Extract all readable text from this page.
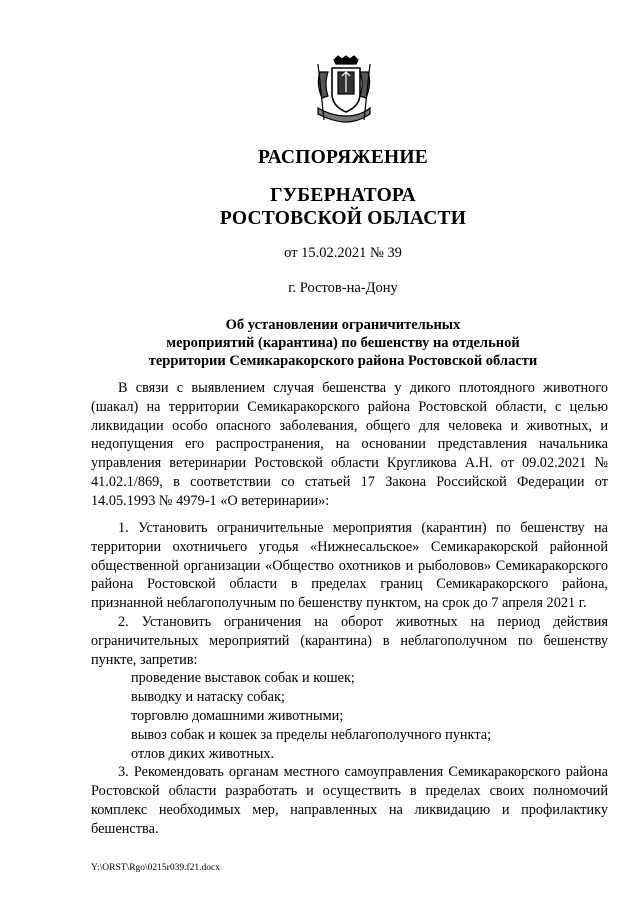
РАСПОРЯЖЕНИЕ
ГУБЕРНАТОРА
РОСТОВСКОЙ ОБЛАСТИ
от 15.02.2021 № 39
г. Ростов-на-Дону
Об установлении ограничительных
мероприятий (карантина) по бешенству на отдельной
территории Семикаракорского района Ростовской области

В связи с выявлением случая бешенства у дикого плотоядного животного (шакал) на территории Семикаракорского района Ростовской области, с целью ликвидации особо опасного заболевания, общего для человека и животных, и недопущения его распространения, на основании представления начальника управления ветеринарии Ростовской области Кругликова А.Н. от 09.02.2021 № 41.02.1/869, в соответствии со статьей 17 Закона Российской Федерации от 14.05.1993 № 4979-1 «О ветеринарии»:

1. Установить ограничительные мероприятия (карантин) по бешенству на территории охотничьего угодья «Нижнесальское» Семикаракорской районной общественной организации «Общество охотников и рыболовов» Семикаракорского района Ростовской области в пределах границ Семикаракорского района, признанной неблагополучным по бешенству пунктом, на срок до 7 апреля 2021 г.

2. Установить ограничения на оборот животных на период действия ограничительных мероприятий (карантина) в неблагополучном по бешенству пункте, запретив:

проведение выставок собак и кошек;

выводку и натаску собак;

торговлю домашними животными;

вывоз собак и кошек за пределы неблагополучного пункта;

отлов диких животных.

3. Рекомендовать органам местного самоуправления Семикаракорского района Ростовской области разработать и осуществить в пределах своих полномочий комплекс необходимых мер, направленных на ликвидацию и профилактику бешенства.

Y:\ORST\Rgo\0215r039.f21.docx
